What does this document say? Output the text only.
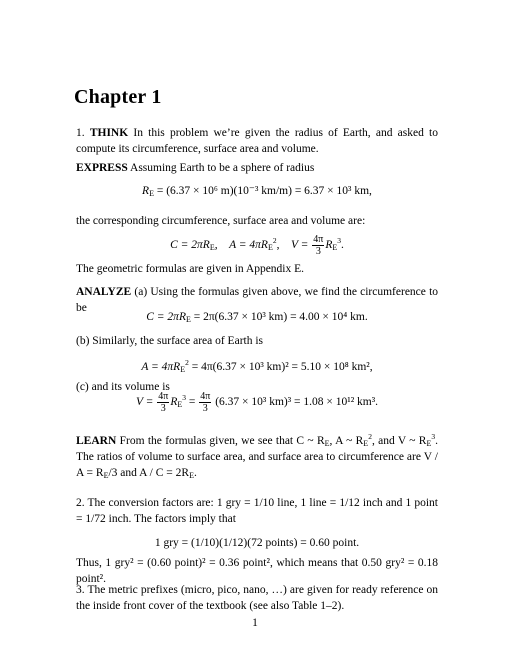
Chapter 1

1. THINK In this problem we’re given the radius of Earth, and asked to compute its circumference, surface area and volume.

EXPRESS Assuming Earth to be a sphere of radius

$R_E = (6.37 \times 10^6$ m)(10⁻³ km/m) = 6.37 × 10³ km,

the corresponding circumference, surface area and volume are:

$C = 2\pi R_E$,    $A = 4\pi R_E^2$,    $V = \frac{4\pi}{3} R_E^3$.

The geometric formulas are given in Appendix E.

ANALYZE (a) Using the formulas given above, we find the circumference to be

$C = 2\pi R_E = 2\pi(6.37 \times 10^3$ km) = 4.00 × 10⁴ km.

(b) Similarly, the surface area of Earth is

$A = 4\pi R_E^2 = 4\pi(6.37 \times 10^3$ km)² = 5.10 × 10⁸ km²,

(c) and its volume is

$V = \frac{4\pi}{3} R_E^3 = \frac{4\pi}{3} (6.37 \times 10^3$ km)³ = 1.08 × 10¹² km³.

LEARN From the formulas given, we see that C ~ $R_E$, A ~ $R_E^2$, and V ~ $R_E^3$. The ratios of volume to surface area, and surface area to circumference are $V / A = R_E/3$ and $A / C = 2R_E$.

2. The conversion factors are: 1 gry = 1/10 line, 1 line = 1/12 inch and 1 point = 1/72 inch. The factors imply that

1 gry = (1/10)(1/12)(72 points) = 0.60 point.

Thus, 1 gry² = (0.60 point)² = 0.36 point², which means that 0.50 gry² = 0.18 point².

3. The metric prefixes (micro, pico, nano, …) are given for ready reference on the inside front cover of the textbook (see also Table 1–2).

1
